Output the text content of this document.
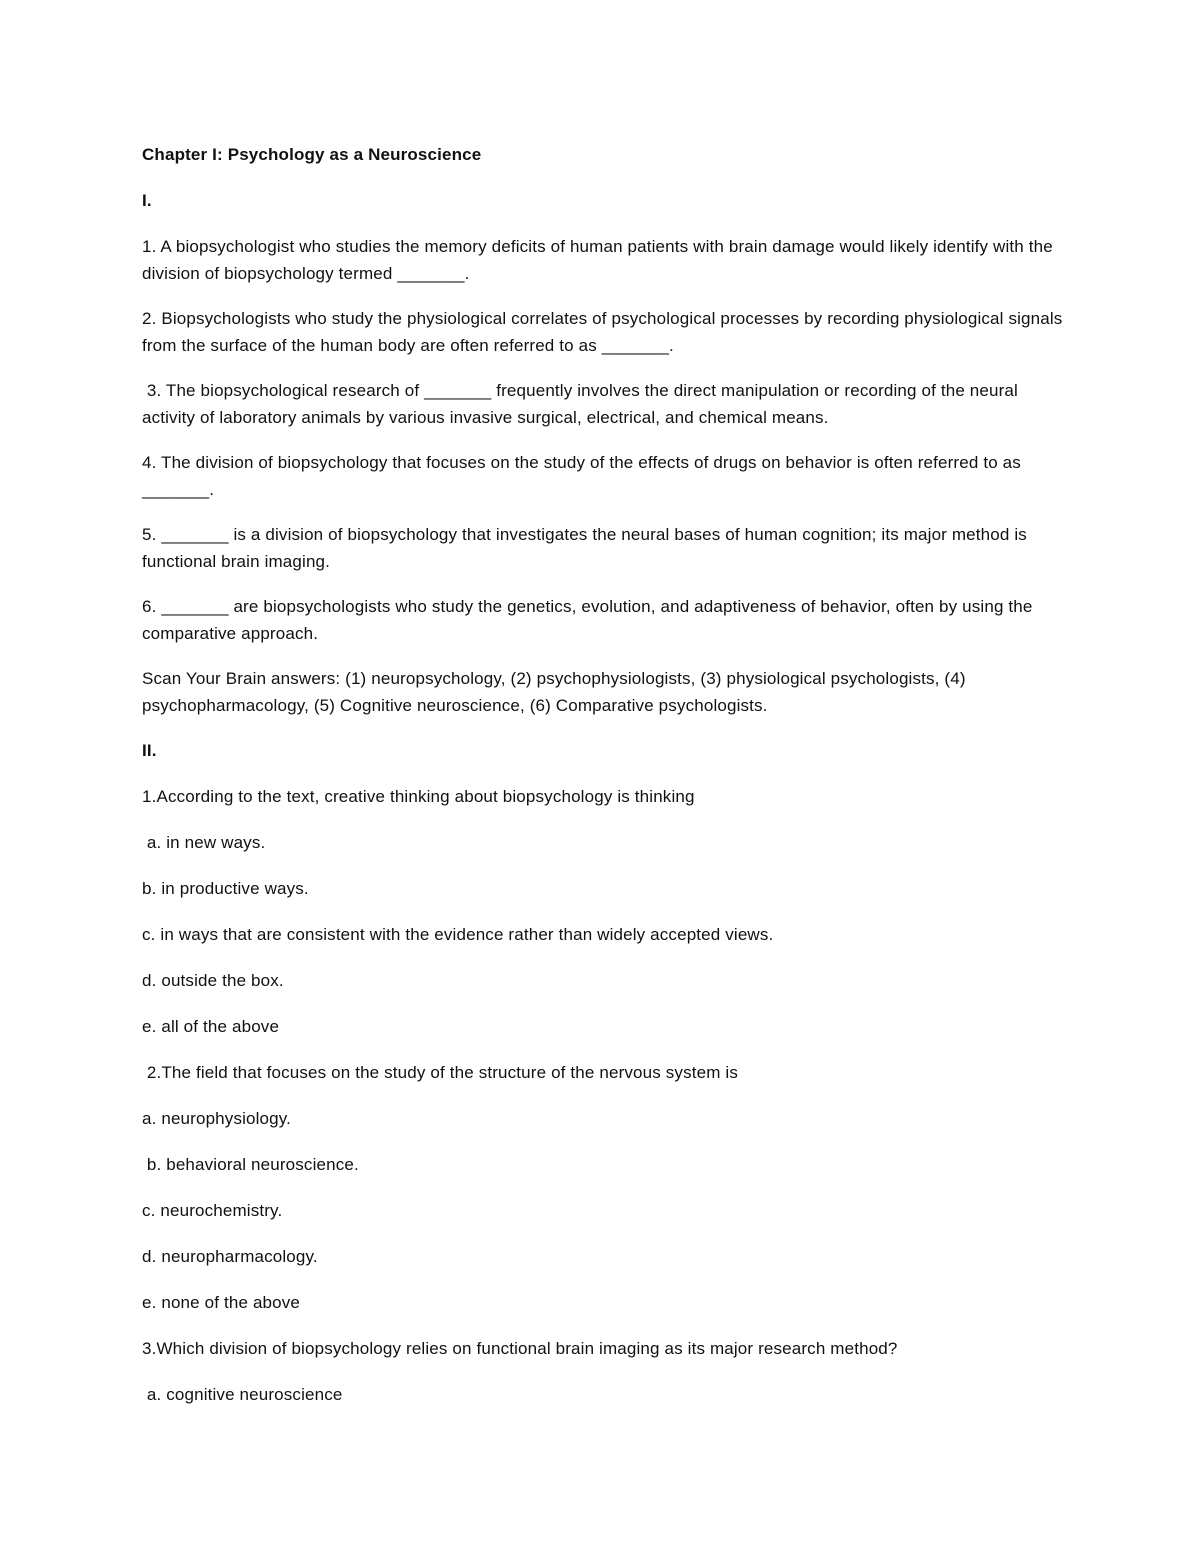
Chapter I: Psychology as a Neuroscience

I.

1. A biopsychologist who studies the memory deficits of human patients with brain damage would likely identify with the division of biopsychology termed _______.

2. Biopsychologists who study the physiological correlates of psychological processes by recording physiological signals from the surface of the human body are often referred to as _______.

3. The biopsychological research of _______ frequently involves the direct manipulation or recording of the neural activity of laboratory animals by various invasive surgical, electrical, and chemical means.

4. The division of biopsychology that focuses on the study of the effects of drugs on behavior is often referred to as _______.

5. _______ is a division of biopsychology that investigates the neural bases of human cognition; its major method is functional brain imaging.

6. _______ are biopsychologists who study the genetics, evolution, and adaptiveness of behavior, often by using the comparative approach.

Scan Your Brain answers: (1) neuropsychology, (2) psychophysiologists, (3) physiological psychologists, (4) psychopharmacology, (5) Cognitive neuroscience, (6) Comparative psychologists.

II.

1.According to the text, creative thinking about biopsychology is thinking

a. in new ways.

b. in productive ways.

c. in ways that are consistent with the evidence rather than widely accepted views.

d. outside the box.

e. all of the above

2.The field that focuses on the study of the structure of the nervous system is

a. neurophysiology.

b. behavioral neuroscience.

c. neurochemistry.

d. neuropharmacology.

e. none of the above

3.Which division of biopsychology relies on functional brain imaging as its major research method?

a. cognitive neuroscience
